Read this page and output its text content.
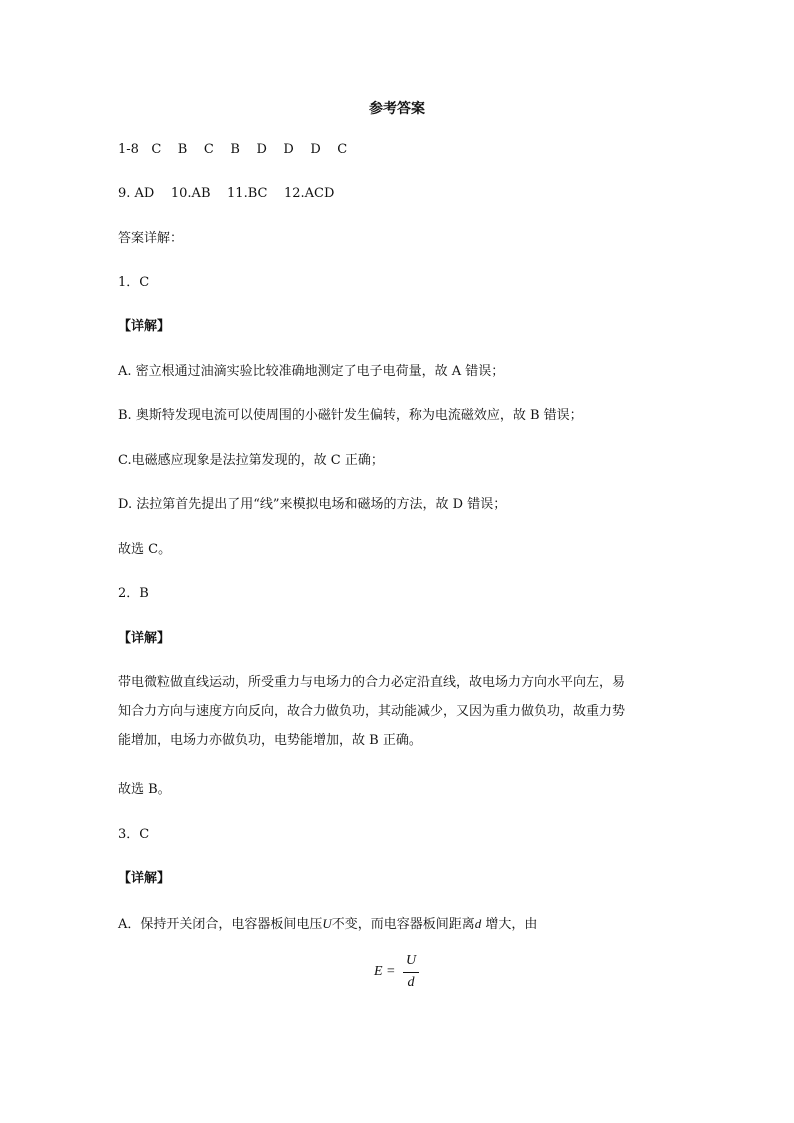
参考答案
1-8   C    B    C    B    D    D    D    C
9. AD    10.AB    11.BC    12.ACD
答案详解：
1．C
【详解】
A. 密立根通过油滴实验比较准确地测定了电子电荷量，故 A 错误；
B. 奥斯特发现电流可以使周围的小磁针发生偏转，称为电流磁效应，故 B 错误；
C.电磁感应现象是法拉第发现的，故 C 正确；
D. 法拉第首先提出了用“线”来模拟电场和磁场的方法，故 D 错误；
故选 C。
2．B
【详解】
带电微粒做直线运动，所受重力与电场力的合力必定沿直线，故电场力方向水平向左，易
知合力方向与速度方向反向，故合力做负功，其动能减少，又因为重力做负功，故重力势
能增加，电场力亦做负功，电势能增加，故 B 正确。
故选 B。
3．C
【详解】
A．保持开关闭合，电容器板间电压U不变，而电容器板间距离d 增大，由
E =
U
d
